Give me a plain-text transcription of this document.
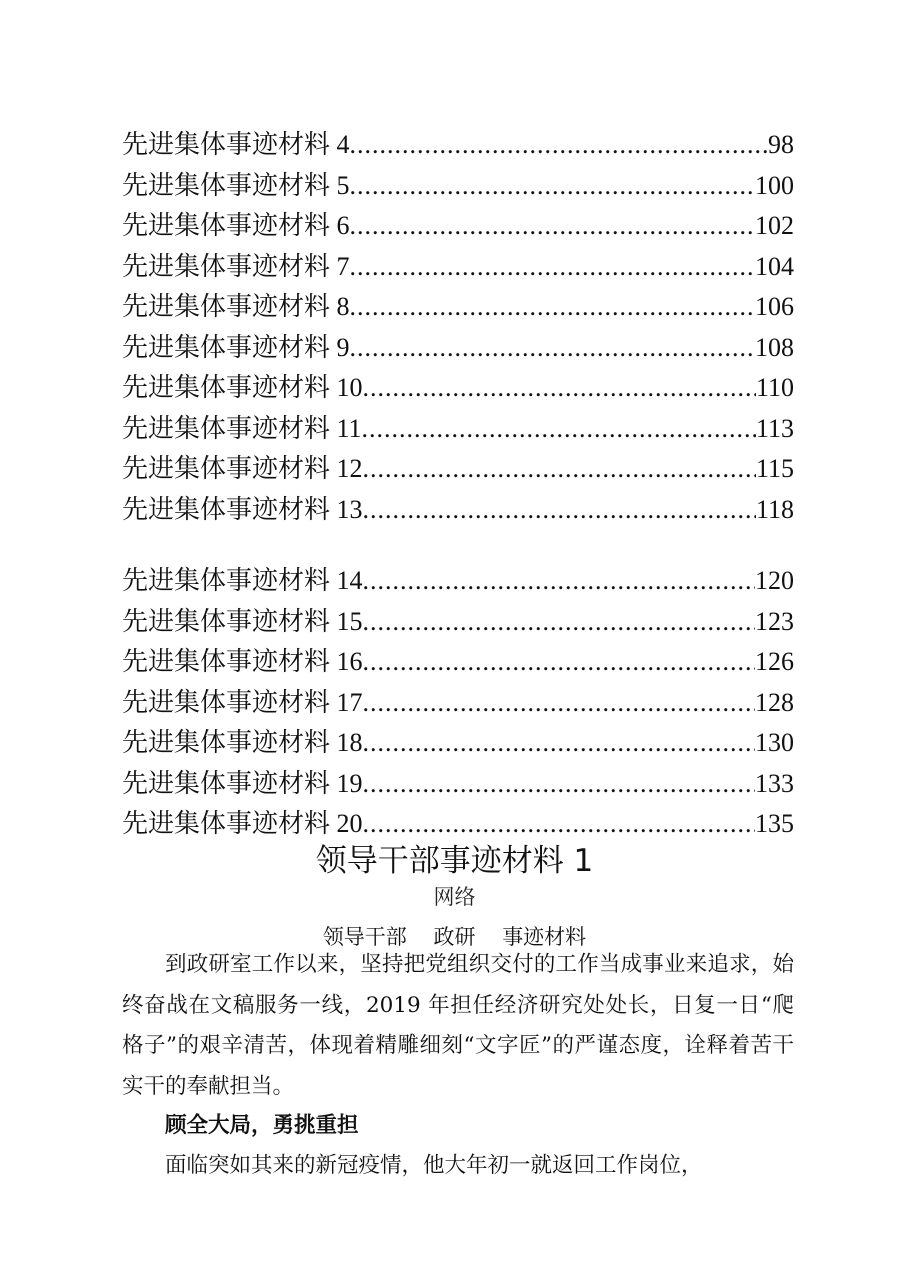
先进集体事迹材料 4 .....	98
先进集体事迹材料 5 .....	100
先进集体事迹材料 6 .....	102
先进集体事迹材料 7 .....	104
先进集体事迹材料 8 .....	106
先进集体事迹材料 9 .....	108
先进集体事迹材料 10 .....	110
先进集体事迹材料 11 .....	113
先进集体事迹材料 12 .....	115
先进集体事迹材料 13 .....	118
先进集体事迹材料 14 .....	120
先进集体事迹材料 15 .....	123
先进集体事迹材料 16 .....	126
先进集体事迹材料 17 .....	128
先进集体事迹材料 18 .....	130
先进集体事迹材料 19 .....	133
先进集体事迹材料 20 .....	135
领导干部事迹材料 1
网络
领导干部 政研 事迹材料
到政研室工作以来，坚持把党组织交付的工作当成事业来追求，始终奋战在文稿服务一线，2019 年担任经济研究处处长，日复一日“爬格子”的艰辛清苦，体现着精雕细刻“文字匠”的严谨态度，诠释着苦干实干的奉献担当。
顾全大局，勇挑重担
面临突如其来的新冠疫情，他大年初一就返回工作岗位，
